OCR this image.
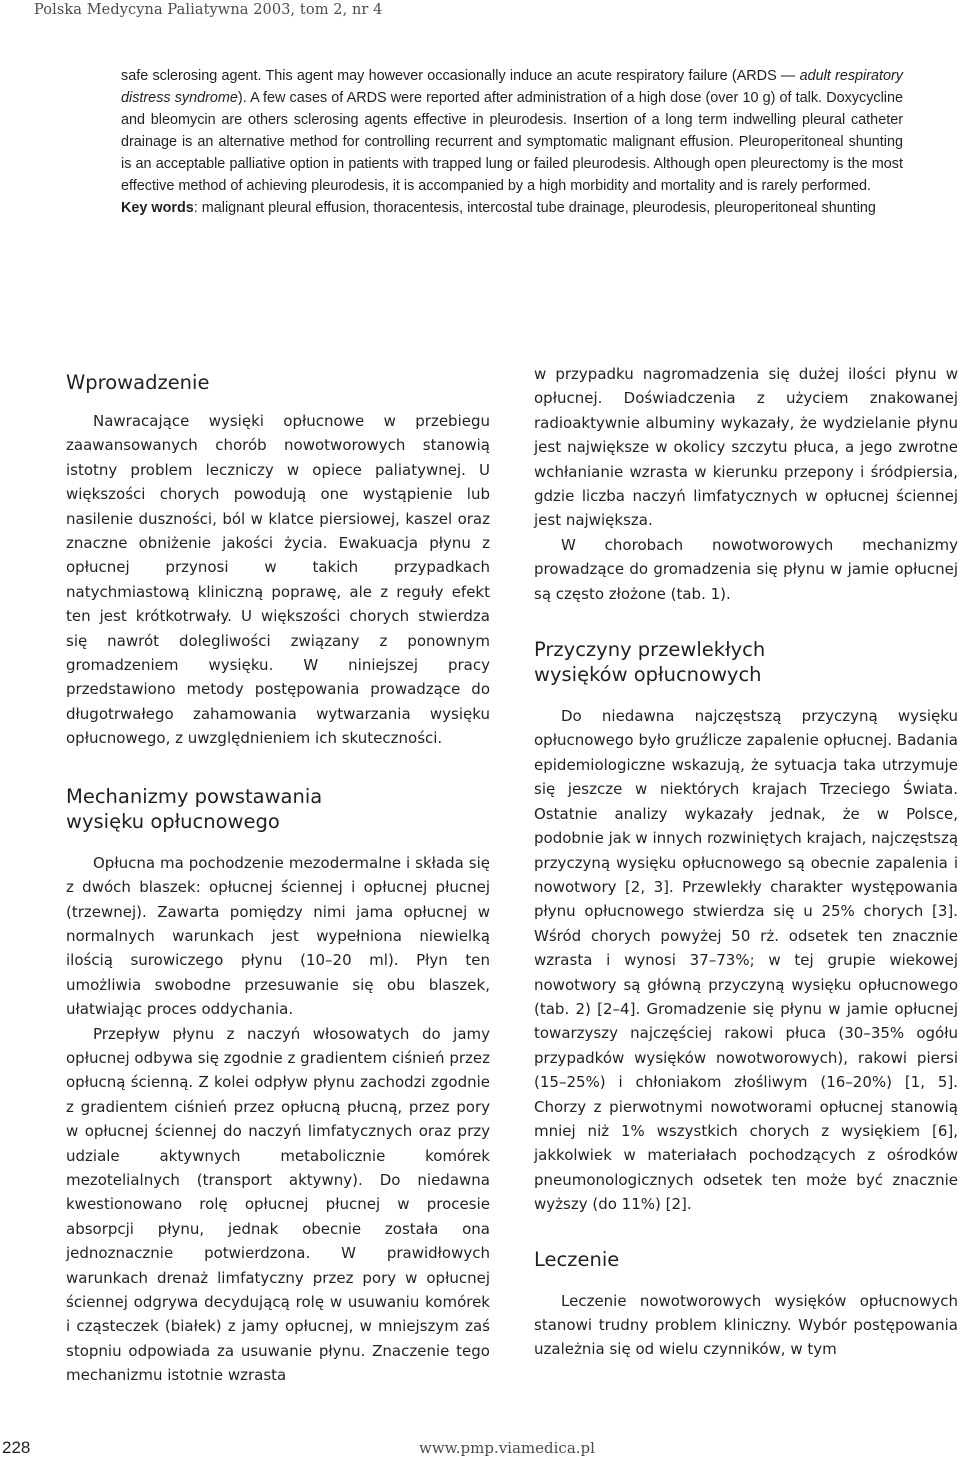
Polska Medycyna Paliatywna 2003, tom 2, nr 4

safe sclerosing agent. This agent may however occasionally induce an acute respiratory failure (ARDS — adult respiratory distress syndrome). A few cases of ARDS were reported after administration of a high dose (over 10 g) of talk. Doxycycline and bleomycin are others sclerosing agents effective in pleurodesis. Insertion of a long term indwelling pleural catheter drainage is an alternative method for controlling recurrent and symptomatic malignant effusion. Pleuroperitoneal shunting is an acceptable palliative option in patients with trapped lung or failed pleurodesis. Although open pleurectomy is the most effective method of achieving pleurodesis, it is accompanied by a high morbidity and mortality and is rarely performed.

Key words: malignant pleural effusion, thoracentesis, intercostal tube drainage, pleurodesis, pleuroperitoneal shunting

Wprowadzenie

Nawracające wysięki opłucnowe w przebiegu zaawansowanych chorób nowotworowych stanowią istotny problem leczniczy w opiece paliatywnej. U większości chorych powodują one wystąpienie lub nasilenie duszności, ból w klatce piersiowej, kaszel oraz znaczne obniżenie jakości życia. Ewakuacja płynu z opłucnej przynosi w takich przypadkach natychmiastową kliniczną poprawę, ale z reguły efekt ten jest krótkotrwały. U większości chorych stwierdza się nawrót dolegliwości związany z ponownym gromadzeniem wysięku. W niniejszej pracy przedstawiono metody postępowania prowadzące do długotrwałego zahamowania wytwarzania wysięku opłucnowego, z uwzględnieniem ich skuteczności.

Mechanizmy powstawania
wysięku opłucnowego

Opłucna ma pochodzenie mezodermalne i składa się z dwóch blaszek: opłucnej ściennej i opłucnej płucnej (trzewnej). Zawarta pomiędzy nimi jama opłucnej w normalnych warunkach jest wypełniona niewielką ilością surowiczego płynu (10–20 ml). Płyn ten umożliwia swobodne przesuwanie się obu blaszek, ułatwiając proces oddychania.

Przepływ płynu z naczyń włosowatych do jamy opłucnej odbywa się zgodnie z gradientem ciśnień przez opłucną ścienną. Z kolei odpływ płynu zachodzi zgodnie z gradientem ciśnień przez opłucną płucną, przez pory w opłucnej ściennej do naczyń limfatycznych oraz przy udziale aktywnych metabolicznie komórek mezotelialnych (transport aktywny). Do niedawna kwestionowano rolę opłucnej płucnej w procesie absorpcji płynu, jednak obecnie została ona jednoznacznie potwierdzona. W prawidłowych warunkach drenaż limfatyczny przez pory w opłucnej ściennej odgrywa decydującą rolę w usuwaniu komórek i cząsteczek (białek) z jamy opłucnej, w mniejszym zaś stopniu odpowiada za usuwanie płynu. Znaczenie tego mechanizmu istotnie wzrasta

w przypadku nagromadzenia się dużej ilości płynu w opłucnej. Doświadczenia z użyciem znakowanej radioaktywnie albuminy wykazały, że wydzielanie płynu jest największe w okolicy szczytu płuca, a jego zwrotne wchłanianie wzrasta w kierunku przepony i śródpiersia, gdzie liczba naczyń limfatycznych w opłucnej ściennej jest największa.

W chorobach nowotworowych mechanizmy prowadzące do gromadzenia się płynu w jamie opłucnej są często złożone (tab. 1).

Przyczyny przewlekłych
wysięków opłucnowych

Do niedawna najczęstszą przyczyną wysięku opłucnowego było gruźlicze zapalenie opłucnej. Badania epidemiologiczne wskazują, że sytuacja taka utrzymuje się jeszcze w niektórych krajach Trzeciego Świata. Ostatnie analizy wykazały jednak, że w Polsce, podobnie jak w innych rozwiniętych krajach, najczęstszą przyczyną wysięku opłucnowego są obecnie zapalenia i nowotwory [2, 3]. Przewlekły charakter występowania płynu opłucnowego stwierdza się u 25% chorych [3]. Wśród chorych powyżej 50 rż. odsetek ten znacznie wzrasta i wynosi 37–73%; w tej grupie wiekowej nowotwory są główną przyczyną wysięku opłucnowego (tab. 2) [2–4]. Gromadzenie się płynu w jamie opłucnej towarzyszy najczęściej rakowi płuca (30–35% ogółu przypadków wysięków nowotworowych), rakowi piersi (15–25%) i chłoniakom złośliwym (16–20%) [1, 5]. Chorzy z pierwotnymi nowotworami opłucnej stanowią mniej niż 1% wszystkich chorych z wysiękiem [6], jakkolwiek w materiałach pochodzących z ośrodków pneumonologicznych odsetek ten może być znacznie wyższy (do 11%) [2].

Leczenie

Leczenie nowotworowych wysięków opłucnowych stanowi trudny problem kliniczny. Wybór postępowania uzależnia się od wielu czynników, w tym

228	www.pmp.viamedica.pl
